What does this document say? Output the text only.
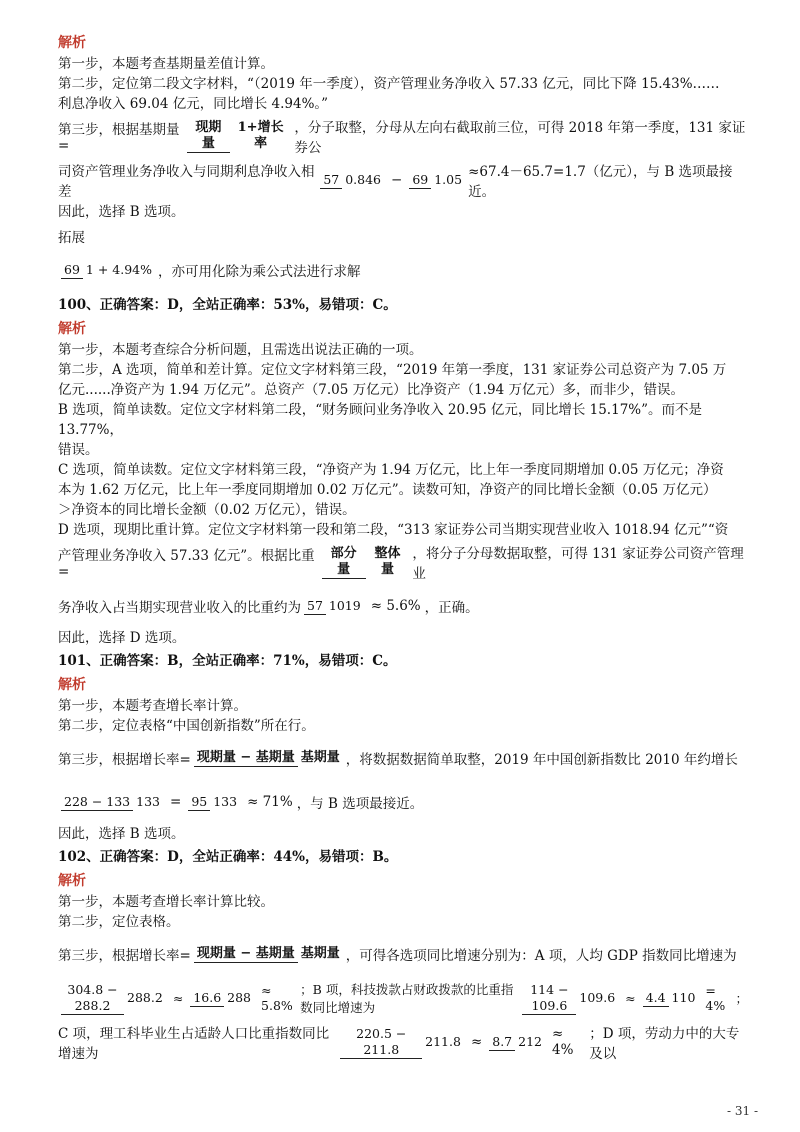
解析

第一步，本题考查基期量差值计算。

第二步，定位第二段文字材料，“（2019 年一季度），资产管理业务净收入 57.33 亿元，同比下降 15.43%……

利息净收入 69.04 亿元，同比增长 4.94%。”

第三步，根据基期量=
现期量
1+增长率
，分子取整，分母从左向右截取前三位，可得 2018 年第一季度，131 家证券公
司资产管理业务净收入与同期利息净收入相差
57 0.846 − 69 1.05 ≈67.4－65.7=1.7（亿元），与 B 选项最接近。

因此，选择 B 选项。

拓展

69 1 + 4.94% ，亦可用化除为乘公式法进行求解

100、正确答案：D，全站正确率：53%，易错项：C。

解析

第一步，本题考查综合分析问题，且需选出说法正确的一项。

第二步，A 选项，简单和差计算。定位文字材料第三段，“2019 年第一季度，131 家证券公司总资产为 7.05 万

亿元......净资产为 1.94 万亿元”。总资产（7.05 万亿元）比净资产（1.94 万亿元）多，而非少，错误。

B 选项，简单读数。定位文字材料第二段，“财务顾问业务净收入 20.95 亿元，同比增长 15.17%”。而不是 13.77%，

错误。

C 选项，简单读数。定位文字材料第三段，“净资产为 1.94 万亿元，比上年一季度同期增加 0.05 万亿元；净资

本为 1.62 万亿元，比上年一季度同期增加 0.02 万亿元”。读数可知，净资产的同比增长金额（0.05 万亿元）

＞净资本的同比增长金额（0.02 万亿元），错误。

D 选项，现期比重计算。定位文字材料第一段和第二段，“313 家证券公司当期实现营业收入 1018.94 亿元”“资

产管理业务净收入 57.33 亿元”。根据比重=
部分量
整体量
，将分子分母数据取整，可得 131 家证券公司资产管理业
务净收入占当期实现营业收入的比重约为 57 1019 ≈ 5.6% ，正确。

因此，选择 D 选项。

101、正确答案：B，全站正确率：71%，易错项：C。

解析

第一步，本题考查增长率计算。

第二步，定位表格“中国创新指数”所在行。

第三步，根据增长率= 现期量 − 基期量 基期量 ，将数据数据简单取整，2019 年中国创新指数比 2010 年约增长
228 − 133 133 = 95 133 ≈ 71% ，与 B 选项最接近。

因此，选择 B 选项。

102、正确答案：D，全站正确率：44%，易错项：B。

解析

第一步，本题考查增长率计算比较。

第二步，定位表格。

第三步，根据增长率= 现期量 − 基期量 基期量 ，可得各选项同比增速分别为：A 项，人均 GDP 指数同比增速为
304.8 − 288.2	288.2 ≈ 16.6 288 ≈ 5.8%
；B 项，科技拨款占财政拨款的比重指数同比增速为
114 − 109.6 109.6 ≈ 4.4 110 = 4% ；
C 项，理工科毕业生占适龄人口比重指数同比增速为
220.5 − 211.8	211.8 ≈ 8.7 212 ≈ 4%
；D 项，劳动力中的大专及以
- 31 -
